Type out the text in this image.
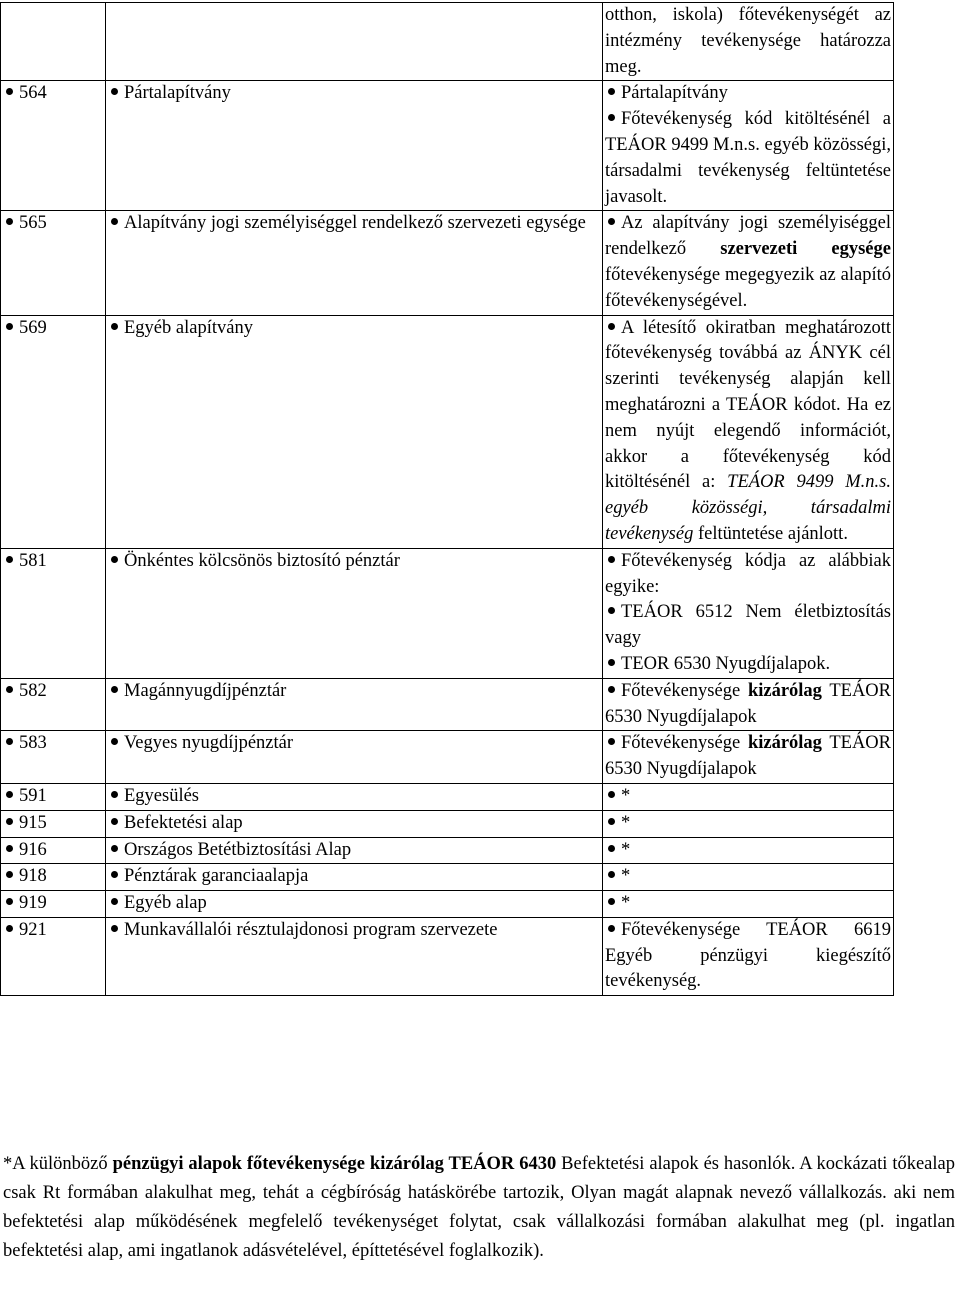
		otthon, iskola) főtevékenységét az intézmény tevékenysége határozza meg.
564	Pártalapítvány	Pártalapítvány
Főtevékenység kód kitöltésénél a TEÁOR 9499 M.n.s. egyéb közösségi, társadalmi tevékenység feltüntetése javasolt.

565	Alapítvány jogi személyiséggel rendelkező szervezeti egysége	Az alapítvány jogi személyiséggel rendelkező szervezeti egysége főtevékenysége megegyezik az alapító főtevékenységével.
569	Egyéb alapítvány	A létesítő okiratban meghatározott főtevékenység továbbá az ÁNYK cél szerinti tevékenység alapján kell meghatározni a TEÁOR kódot. Ha ez nem nyújt elegendő információt, akkor a főtevékenység kód kitöltésénél a: TEÁOR 9499 M.n.s. egyéb közösségi, társadalmi tevékenység feltüntetése ajánlott.
581	Önkéntes kölcsönös biztosító pénztár	Főtevékenység kódja az alábbiak egyike:
TEÁOR 6512 Nem életbiztosítás vagy
TEOR 6530 Nyugdíjalapok.

582	Magánnyugdíjpénztár	Főtevékenysége kizárólag TEÁOR 6530 Nyugdíjalapok
583	Vegyes nyugdíjpénztár	Főtevékenysége kizárólag TEÁOR 6530 Nyugdíjalapok
591	Egyesülés	*
915	Befektetési alap	*
916	Országos Betétbiztosítási Alap	*
918	Pénztárak garanciaalapja	*
919	Egyéb alap	*
921	Munkavállalói résztulajdonosi program szervezete	Főtevékenysége TEÁOR 6619 Egyéb pénzügyi kiegészítő tevékenység.

*A különböző pénzügyi alapok főtevékenysége kizárólag TEÁOR 6430 Befektetési alapok és hasonlók. A kockázati tőkealap csak Rt formában alakulhat meg, tehát a cégbíróság hatáskörébe tartozik, Olyan magát alapnak nevező vállalkozás. aki nem befektetési alap működésének megfelelő tevékenységet folytat, csak vállalkozási formában alakulhat meg (pl. ingatlan befektetési alap, ami ingatlanok adásvételével, építtetésével foglalkozik).
